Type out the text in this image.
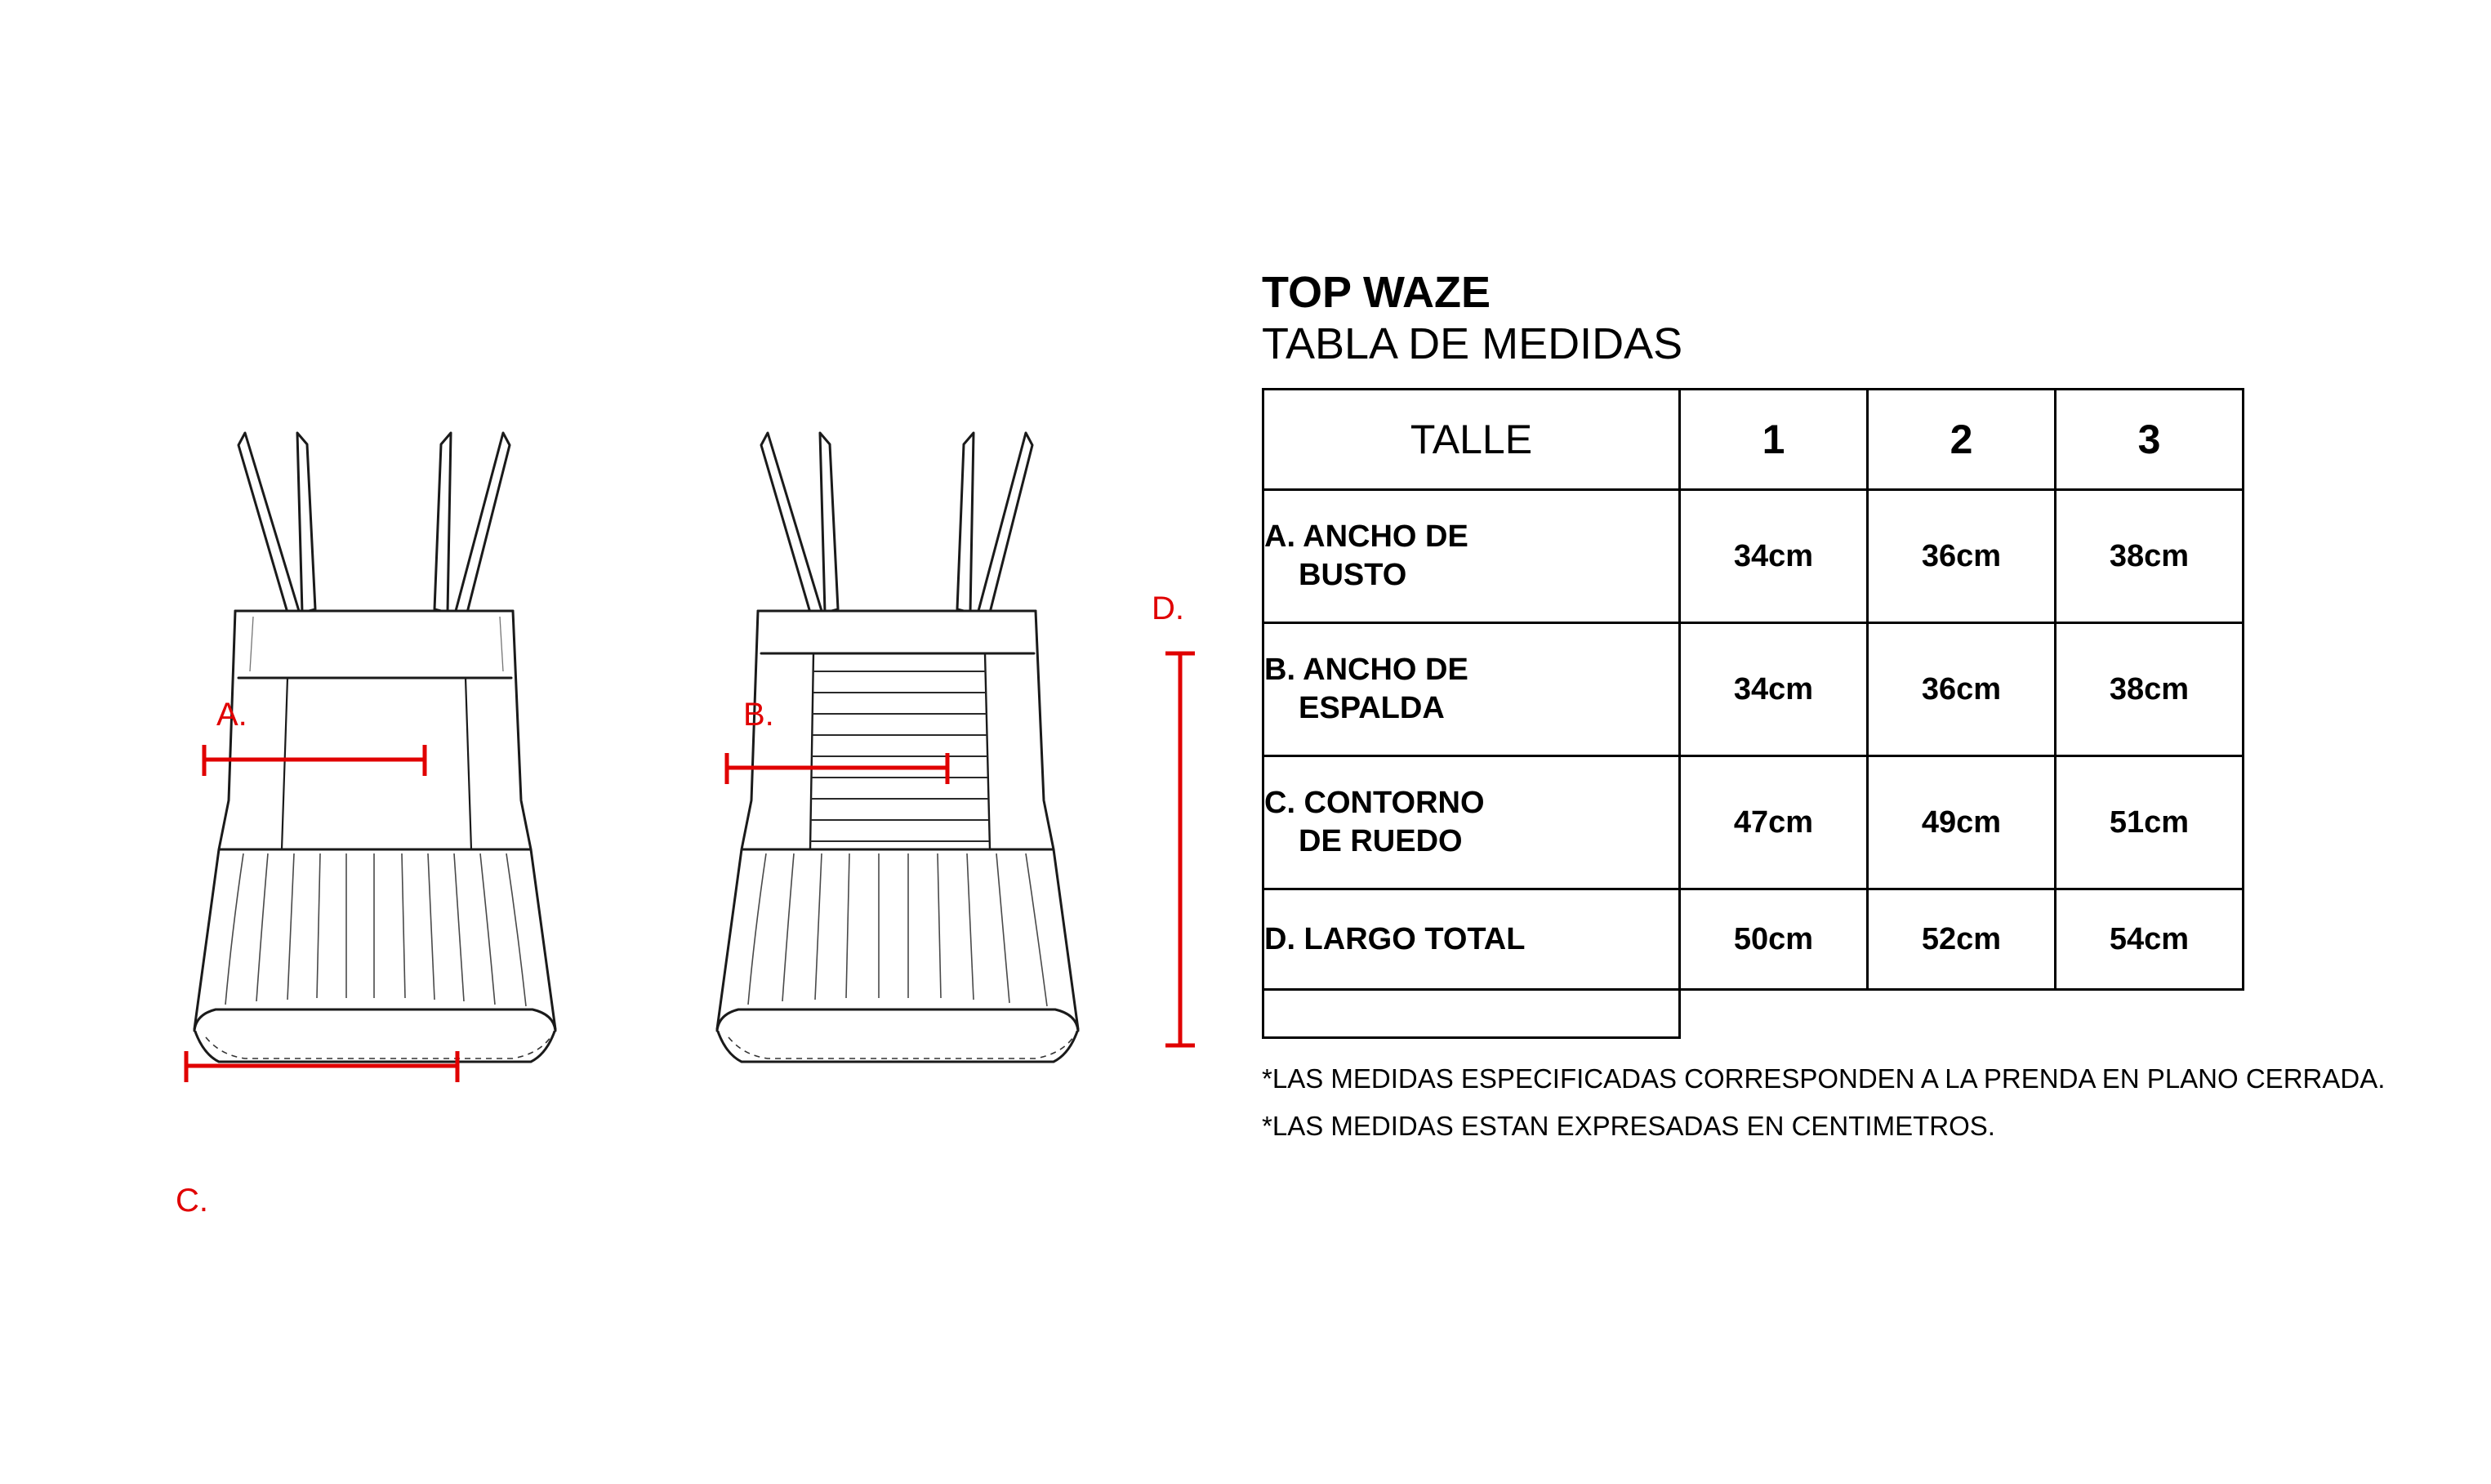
A.	B.
C.
D.
TOP WAZE
TABLA DE MEDIDAS
TALLE	1	2	3

A. ANCHO DE
BUSTO	34cm	36cm	38cm

B. ANCHO DE
ESPALDA	34cm	36cm	38cm

C. CONTORNO
DE RUEDO	47cm	49cm	51cm
D. LARGO TOTAL	50cm	52cm	54cm

*LAS MEDIDAS ESPECIFICADAS CORRESPONDEN A LA PRENDA EN PLANO CERRADA.
*LAS MEDIDAS ESTAN EXPRESADAS EN CENTIMETROS.
